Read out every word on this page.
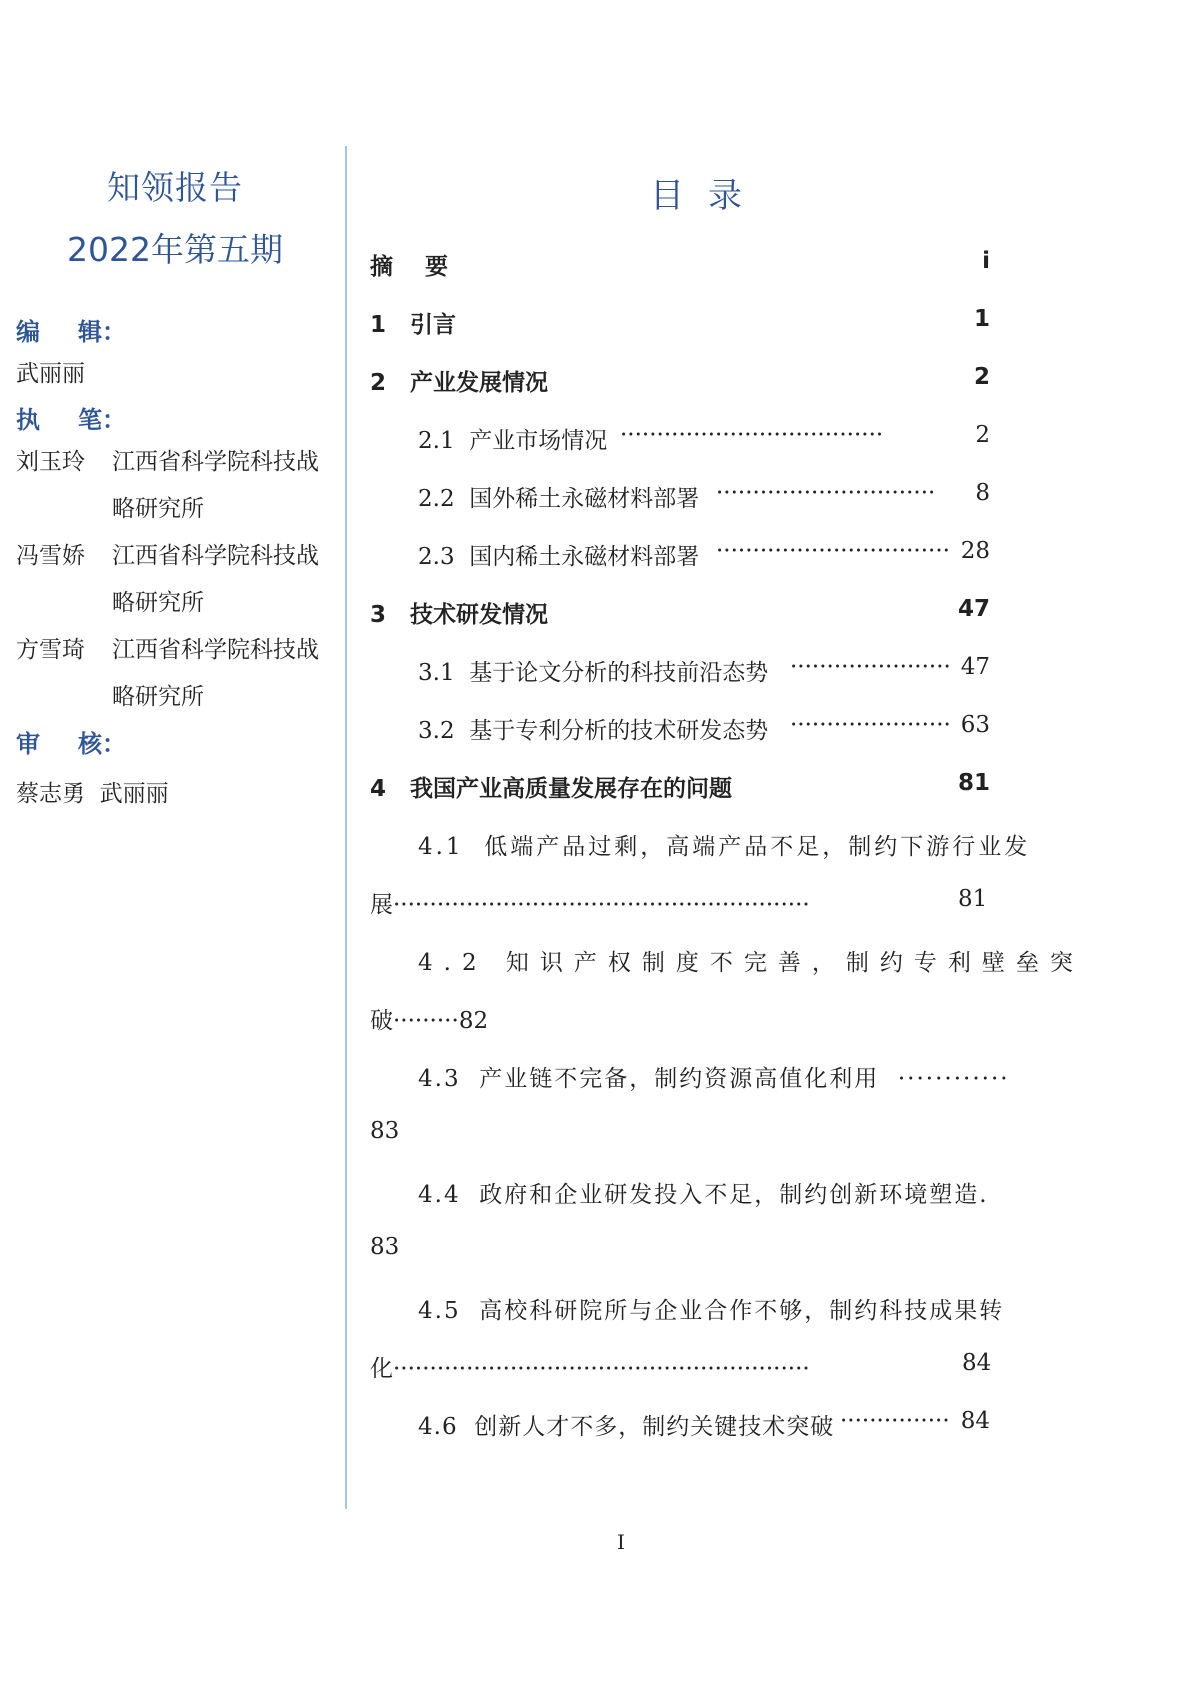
知领报告
2022年第五期
编 辑：
武丽丽
执 笔：
刘玉玲 江西省科学院科技战
略研究所
冯雪娇 江西省科学院科技战
略研究所
方雪琦 江西省科学院科技战
略研究所
审 核：
蔡志勇  武丽丽
目录
摘    要	i
1 引言	1
2 产业发展情况	2
2.1 产业市场情况 ····································	2
2.2 国外稀土永磁材料部署 ······························	8
2.3 国内稀土永磁材料部署 ································ 28
3 技术研发情况	47
3.1 基于论文分析的科技前沿态势 ······················ 47
3.2 基于专利分析的技术研发态势 ······················ 63
4 我国产业高质量发展存在的问题	81
4.1 低端产品过剩，高端产品不足，制约下游行业发
展·························································	81
4.2 知识产权制度不完善，制约专利壁垒突
破·········82
4.3 产业链不完备，制约资源高值化利用 ············
83
4.4 政府和企业研发投入不足，制约创新环境塑造.
83
4.5 高校科研院所与企业合作不够，制约科技成果转
化·························································	84
4.6 创新人才不多，制约关键技术突破 ··············· 84
I
